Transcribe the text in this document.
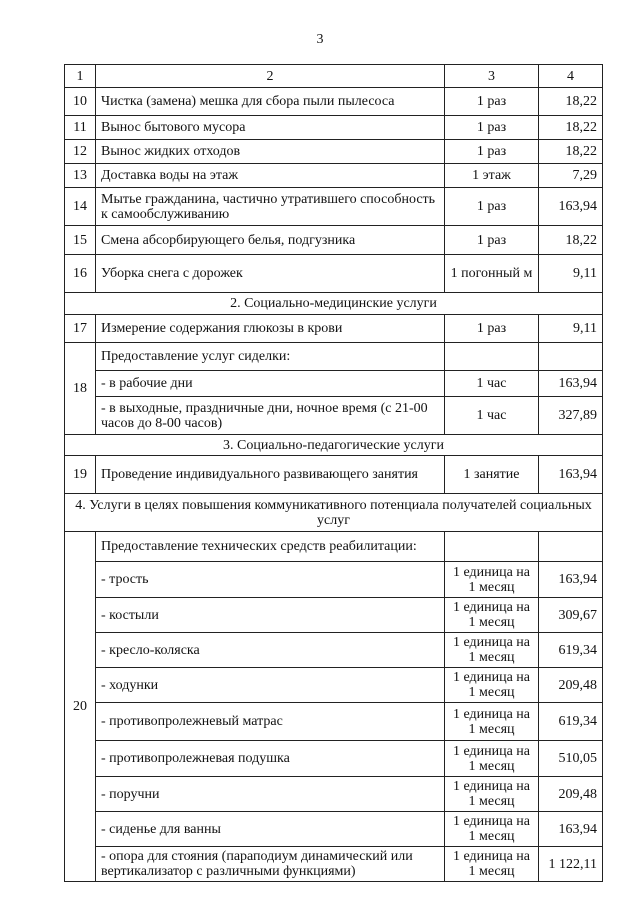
3
1	2	3	4
10	Чистка (замена) мешка для сбора пыли пылесоса	1 раз	18,22
11	Вынос бытового мусора	1 раз	18,22
12	Вынос жидких отходов	1 раз	18,22
13	Доставка воды на этаж	1 этаж	7,29
14	Мытье гражданина, частично утратившего способность к самообслуживанию	1 раз	163,94
15	Смена абсорбирующего белья, подгузника	1 раз	18,22
16	Уборка снега с дорожек	1 погонный м	9,11
2. Социально-медицинские услуги			
17	Измерение содержания глюкозы в крови	1 раз	9,11
18	Предоставление услуг сиделки:		
	- в рабочие дни	1 час	163,94
	- в выходные, праздничные дни, ночное время (с 21-00 часов до 8-00 часов)	1 час	327,89
3. Социально-педагогические услуги			
19	Проведение индивидуального развивающего занятия	1 занятие	163,94
4. Услуги в целях повышения коммуникативного потенциала получателей социальных услуг			
20	Предоставление технических средств реабилитации:		
	- трость	1 единица на 1 месяц	163,94
	- костыли	1 единица на 1 месяц	309,67
	- кресло-коляска	1 единица на 1 месяц	619,34
	- ходунки	1 единица на 1 месяц	209,48
	- противопролежневый матрас	1 единица на 1 месяц	619,34
	- противопролежневая подушка	1 единица на 1 месяц	510,05
	- поручни	1 единица на 1 месяц	209,48
	- сиденье для ванны	1 единица на 1 месяц	163,94
	- опора для стояния (параподиум динамический или вертикализатор с различными функциями)	1 единица на 1 месяц	1 122,11
